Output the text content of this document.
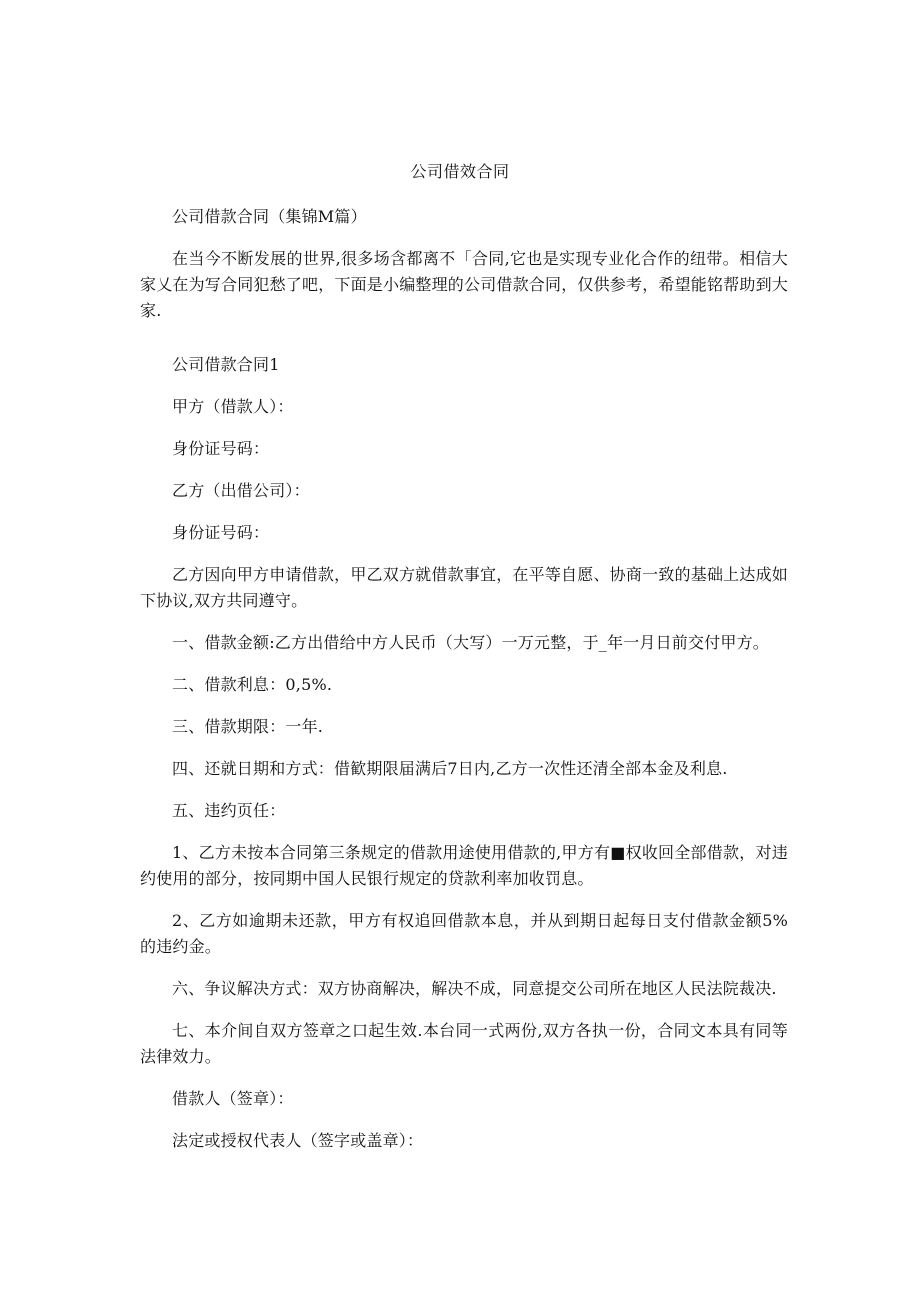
公司借效合同

公司借款合同（集锦M篇）

在当今不断发展的世界,很多场含都离不「合同,它也是实现专业化合作的纽带。相信大家乂在为写合同犯愁了吧，下面是小编整理的公司借款合同，仅供参考，希望能铭帮助到大家.

公司借款合同1

甲方（借款人）：

身份证号码：

乙方（出借公司）：

身份证号码：

乙方因向甲方申请借款，甲乙双方就借款事宜，在平等自愿、协商一致的基础上达成如下协议,双方共同遵守。

一、借款金额:乙方出借给中方人民币（大写）一万元整，于_年一月日前交付甲方。

二、借款利息：0,5%.

三、借款期限：一年.

四、还就日期和方式：借歓期限届满后7日内,乙方一次性还清全部本金及利息.

五、违约页任：

1、乙方未按本合同第三条规定的借款用途使用借款的,甲方有■权收回全部借款，对违约使用的部分，按同期中国人民银行规定的贷款利率加收罚息。

2、乙方如逾期未还款，甲方有权追回借款本息，并从到期日起每日支付借款金额5%的违约金。

六、争议解决方式：双方协商解决，解决不成，同意提交公司所在地区人民法院裁决.

七、本介间自双方签章之口起生效.本台同一式两份,双方各执一份，合同文本具有同等法律效力。

借款人（签章）：

法定或授权代表人（签字或盖章）：
